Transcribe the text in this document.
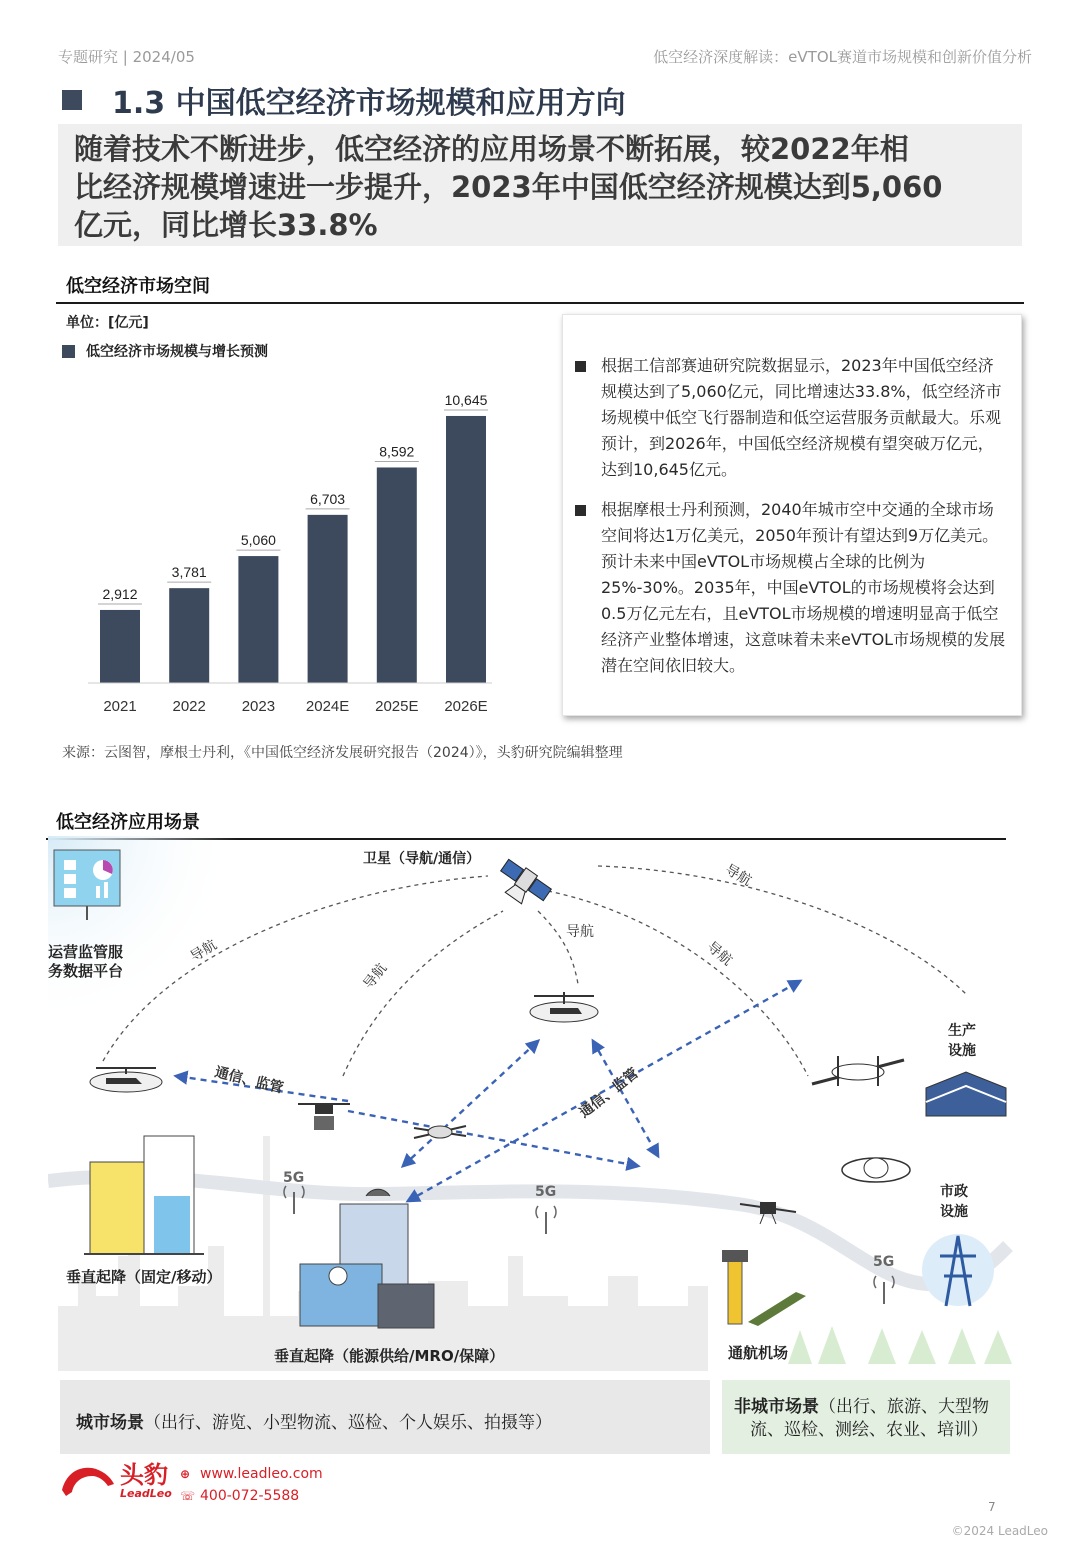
专题研究 | 2024/05	低空经济深度解读：eVTOL赛道市场规模和创新价值分析
1.3 中国低空经济市场规模和应用方向
随着技术不断进步，低空经济的应用场景不断拓展，较2022年相
比经济规模增速进一步提升，2023年中国低空经济规模达到5,060
亿元，同比增长33.8%
低空经济市场空间
单位：[亿元]
低空经济市场规模与增长预测
2,912
2021
3,781
2022
5,060
2023
6,703
2024E
8,592
2025E
10,645
2026E
根据工信部赛迪研究院数据显示，2023年中国低空经济规模达到了5,060亿元，同比增速达33.8%，低空经济市场规模中低空飞行器制造和低空运营服务贡献最大。乐观预计，到2026年，中国低空经济规模有望突破万亿元，达到10,645亿元。
根据摩根士丹利预测，2040年城市空中交通的全球市场空间将达1万亿美元，2050年预计有望达到9万亿美元。预计未来中国eVTOL市场规模占全球的比例为25%-30%。2035年，中国eVTOL的市场规模将会达到0.5万亿元左右，且eVTOL市场规模的增速明显高于低空经济产业整体增速，这意味着未来eVTOL市场规模的发展潜在空间依旧较大。
来源：云图智，摩根士丹利，《中国低空经济发展研究报告（2024）》，头豹研究院编辑整理
低空经济应用场景
运营监管服
务数据平台
卫星（导航/通信）
导航
导航
导航
导航
导航
通信、监管	通信、监管
垂直起降（固定/移动）
垂直起降（能源供给/MRO/保障）
5G
5G
5G
生产
设施
市政
设施
通航机场
城市场景（出行、游览、小型物流、巡检、个人娱乐、拍摄等）
非城市场景（出行、旅游、大型物
流、巡检、测绘、农业、培训）
头豹
LeadLeo
⊕ www.leadleo.com
☏ 400-072-5588
7
©2024 LeadLeo
